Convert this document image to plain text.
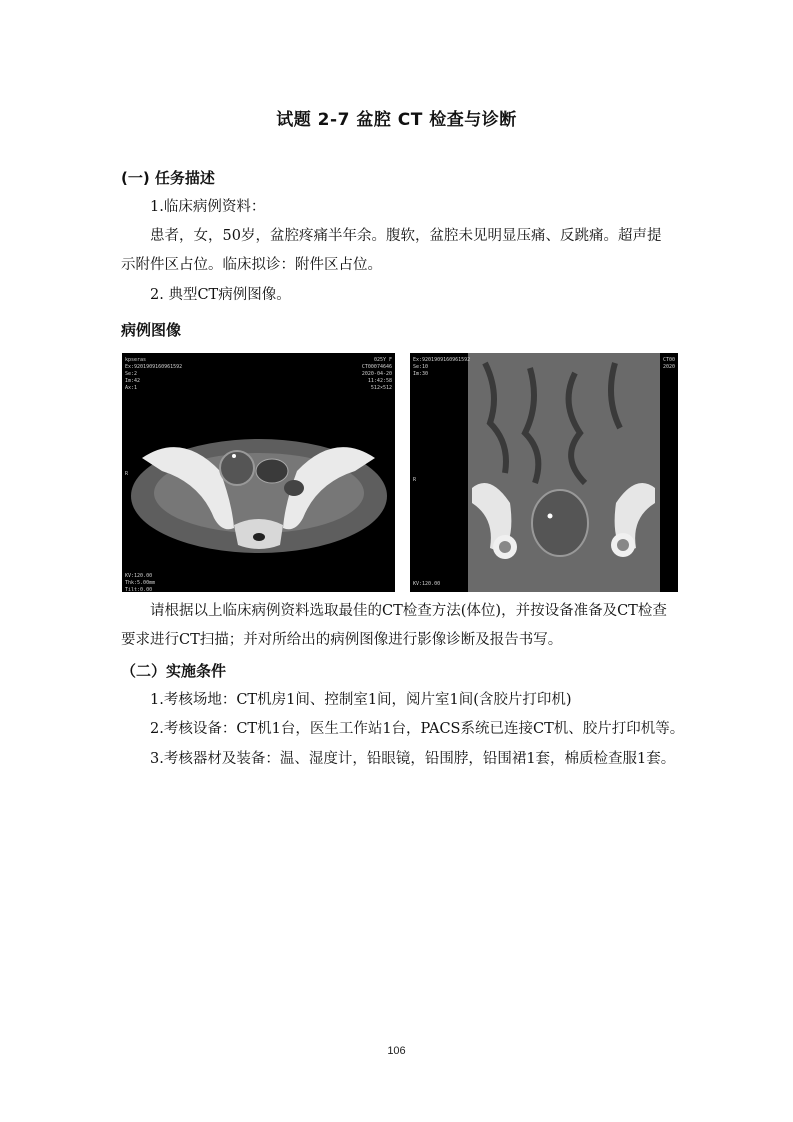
试题 2-7 盆腔 CT 检查与诊断
(一) 任务描述
1.临床病例资料：
患者，女，50岁，盆腔疼痛半年余。腹软，盆腔未见明显压痛、反跳痛。超声提
示附件区占位。临床拟诊：附件区占位。
2. 典型CT病例图像。
病例图像
kpseras
Ex:9201909160961592
Se:2
Im:42
Ax:1
025Y F
CT00074646
2020-04-20
11:42:58
512×512
KV:120.00
Thk:5.00mm
Tilt:0.00
R
Ex:9201909160961592
Se:10
Im:30
CT00
2020
KV:120.00
R
请根据以上临床病例资料选取最佳的CT检查方法(体位)，并按设备准备及CT检查
要求进行CT扫描；并对所给出的病例图像进行影像诊断及报告书写。
（二）实施条件
1.考核场地：CT机房1间、控制室1间，阅片室1间(含胶片打印机)
2.考核设备：CT机1台，医生工作站1台，PACS系统已连接CT机、胶片打印机等。
3.考核器材及装备：温、湿度计，铅眼镜，铅围脖，铅围裙1套，棉质检查服1套。
106
